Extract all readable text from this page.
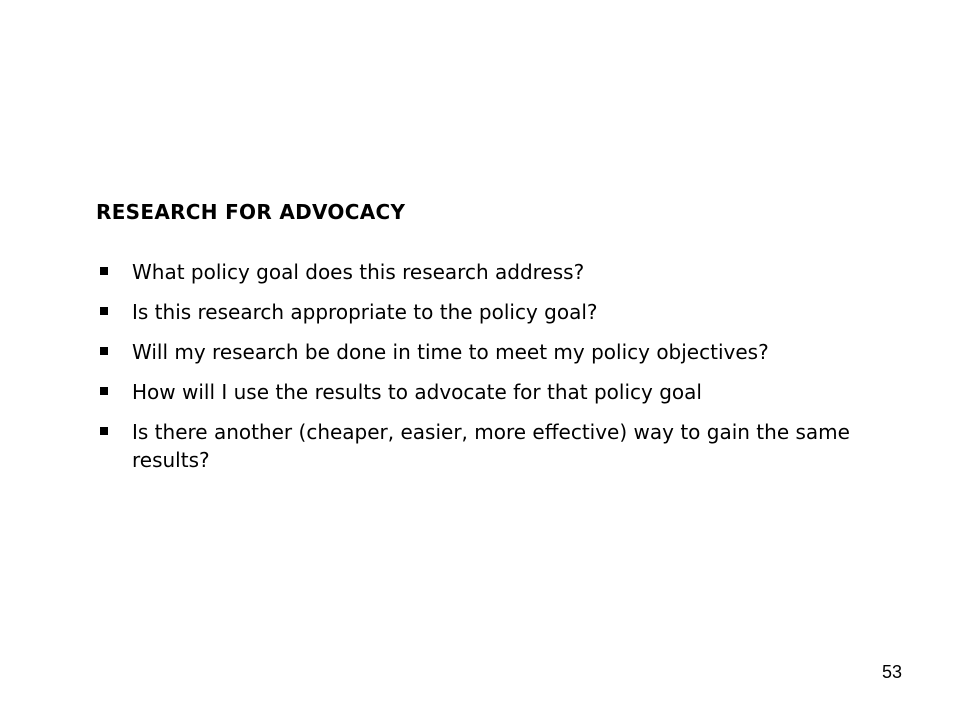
RESEARCH FOR ADVOCACY
What policy goal does this research address?
Is this research appropriate to the policy goal?
Will my research be done in time to meet my policy objectives?
How will I use the results to advocate for that policy goal
Is there another (cheaper, easier, more effective) way to gain the same results?
53
